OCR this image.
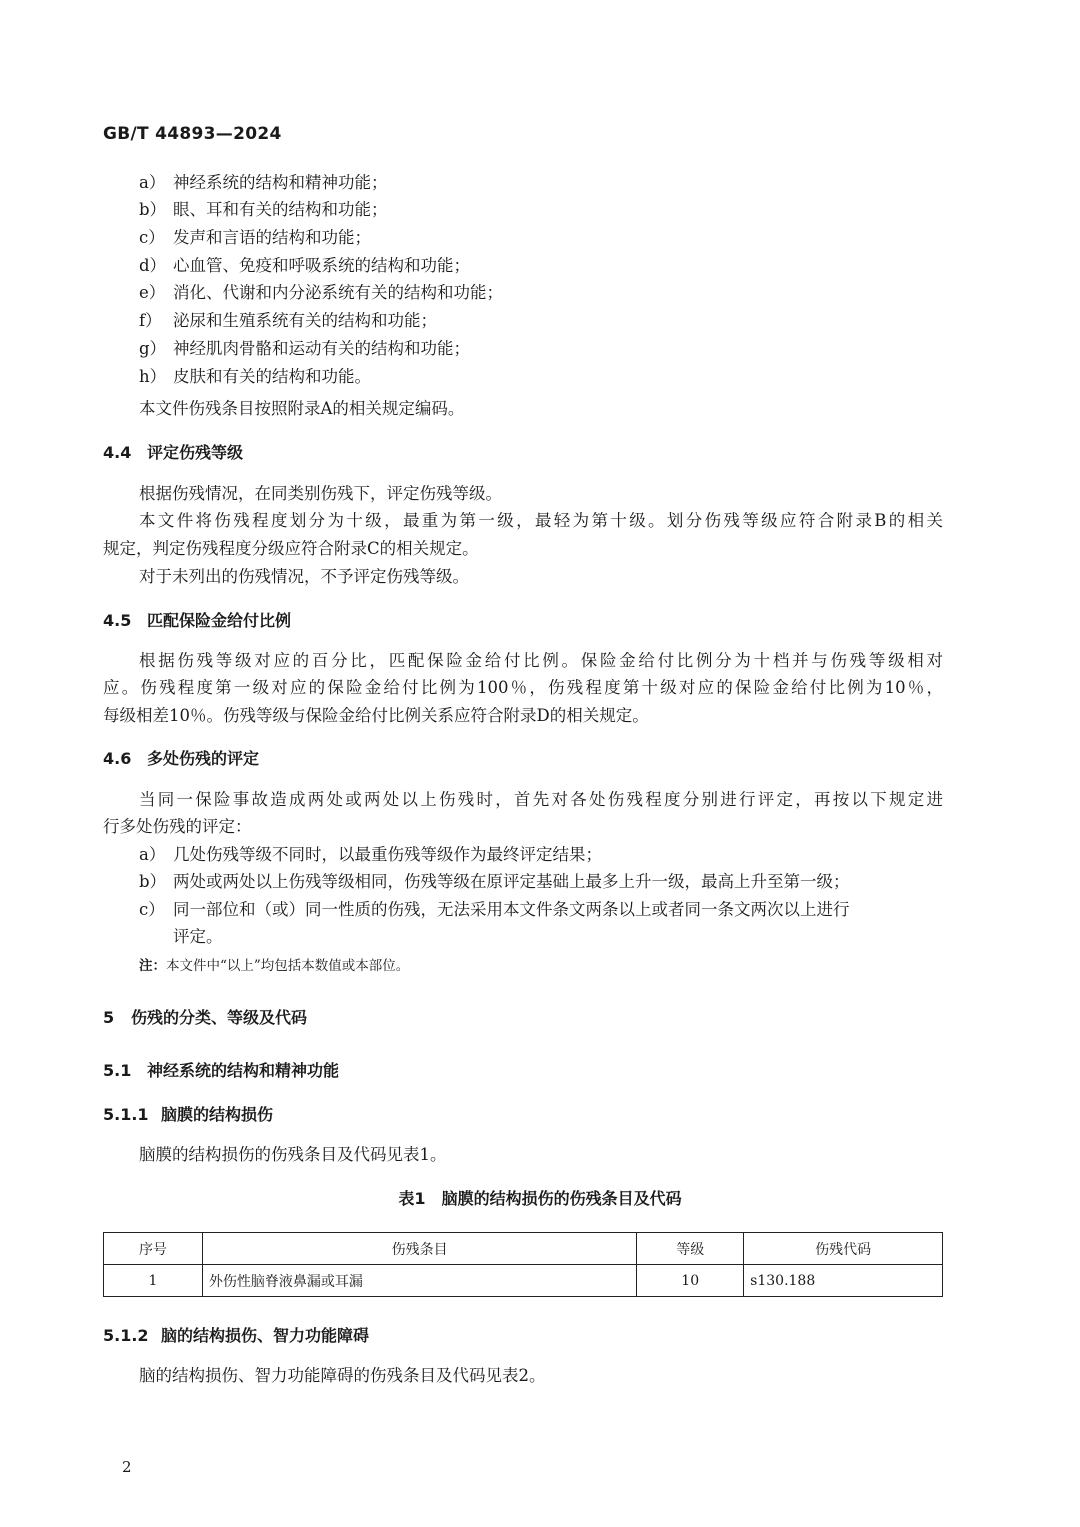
GB/T 44893—2024
a） 神经系统的结构和精神功能；
b） 眼、耳和有关的结构和功能；
c） 发声和言语的结构和功能；
d） 心血管、免疫和呼吸系统的结构和功能；
e） 消化、代谢和内分泌系统有关的结构和功能；
f） 泌尿和生殖系统有关的结构和功能；
g） 神经肌肉骨骼和运动有关的结构和功能；
h） 皮肤和有关的结构和功能。
本文件伤残条目按照附录A的相关规定编码。
4.4 评定伤残等级
根据伤残情况，在同类别伤残下，评定伤残等级。
本文件将伤残程度划分为十级，最重为第一级，最轻为第十级。划分伤残等级应符合附录B的相关
规定，判定伤残程度分级应符合附录C的相关规定。
对于未列出的伤残情况，不予评定伤残等级。
4.5 匹配保险金给付比例
根据伤残等级对应的百分比，匹配保险金给付比例。保险金给付比例分为十档并与伤残等级相对
应。伤残程度第一级对应的保险金给付比例为100％，伤残程度第十级对应的保险金给付比例为10％，
每级相差10％。伤残等级与保险金给付比例关系应符合附录D的相关规定。
4.6 多处伤残的评定
当同一保险事故造成两处或两处以上伤残时，首先对各处伤残程度分别进行评定，再按以下规定进
行多处伤残的评定：
a） 几处伤残等级不同时，以最重伤残等级作为最终评定结果；
b） 两处或两处以上伤残等级相同，伤残等级在原评定基础上最多上升一级，最高上升至第一级；
c） 同一部位和（或）同一性质的伤残，无法采用本文件条文两条以上或者同一条文两次以上进行
评定。
注：本文件中“以上”均包括本数值或本部位。
5 伤残的分类、等级及代码
5.1 神经系统的结构和精神功能
5.1.1 脑膜的结构损伤
脑膜的结构损伤的伤残条目及代码见表1。
表1 脑膜的结构损伤的伤残条目及代码
序号	伤残条目	等级	伤残代码
1	外伤性脑脊液鼻漏或耳漏	10	s130.188
5.1.2 脑的结构损伤、智力功能障碍
脑的结构损伤、智力功能障碍的伤残条目及代码见表2。
2
